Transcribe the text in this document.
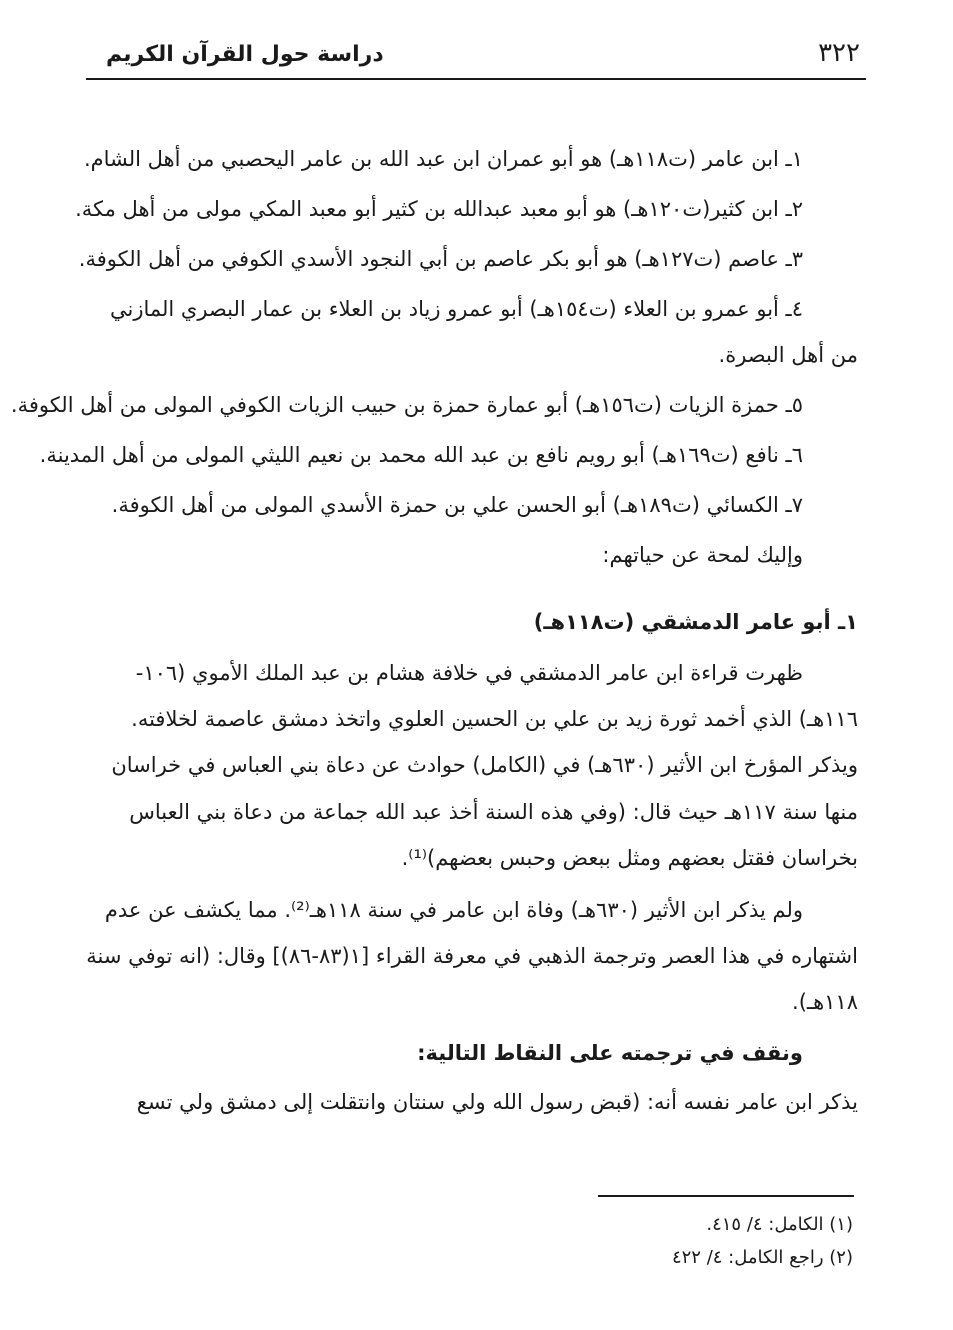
دراسة حول القرآن الكريم	٣٢٢
١ـ ابن عامر (ت١١٨هـ) هو أبو عمران ابن عبد الله بن عامر اليحصبي من أهل الشام.
٢ـ ابن كثير(ت١٢٠هـ) هو أبو معبد عبدالله بن كثير أبو معبد المكي مولى من أهل مكة.
٣ـ عاصم (ت١٢٧هـ) هو أبو بكر عاصم بن أبي النجود الأسدي الكوفي من أهل الكوفة.
٤ـ أبو عمرو بن العلاء (ت١٥٤هـ) أبو عمرو زياد بن العلاء بن عمار البصري المازني
من أهل البصرة.
٥ـ حمزة الزيات (ت١٥٦هـ) أبو عمارة حمزة بن حبيب الزيات الكوفي المولى من أهل الكوفة.
٦ـ نافع (ت١٦٩هـ) أبو رويم نافع بن عبد الله محمد بن نعيم الليثي المولى من أهل المدينة.
٧ـ الكسائي (ت١٨٩هـ) أبو الحسن علي بن حمزة الأسدي المولى من أهل الكوفة.
وإليك لمحة عن حياتهم:
١ـ أبو عامر الدمشقي (ت١١٨هـ)
ظهرت قراءة ابن عامر الدمشقي في خلافة هشام بن عبد الملك الأموي (١٠٦-
١١٦هـ) الذي أخمد ثورة زيد بن علي بن الحسين العلوي واتخذ دمشق عاصمة لخلافته.
ويذكر المؤرخ ابن الأثير (٦٣٠هـ) في (الكامل) حوادث عن دعاة بني العباس في خراسان
منها سنة ١١٧هـ حيث قال: (وفي هذه السنة أخذ عبد الله جماعة من دعاة بني العباس
بخراسان فقتل بعضهم ومثل ببعض وحبس بعضهم)⁽¹⁾.
ولم يذكر ابن الأثير (٦٣٠هـ) وفاة ابن عامر في سنة ١١٨هـ⁽²⁾. مما يكشف عن عدم
اشتهاره في هذا العصر وترجمة الذهبي في معرفة القراء [١(٨٣-٨٦)] وقال: (انه توفي سنة
١١٨هـ).
ونقف في ترجمته على النقاط التالية:
يذكر ابن عامر نفسه أنه: (قبض رسول الله ولي سنتان وانتقلت إلى دمشق ولي تسع
(١) الكامل: ٤/ ٤١٥.
(٢) راجع الكامل: ٤/ ٤٢٢
